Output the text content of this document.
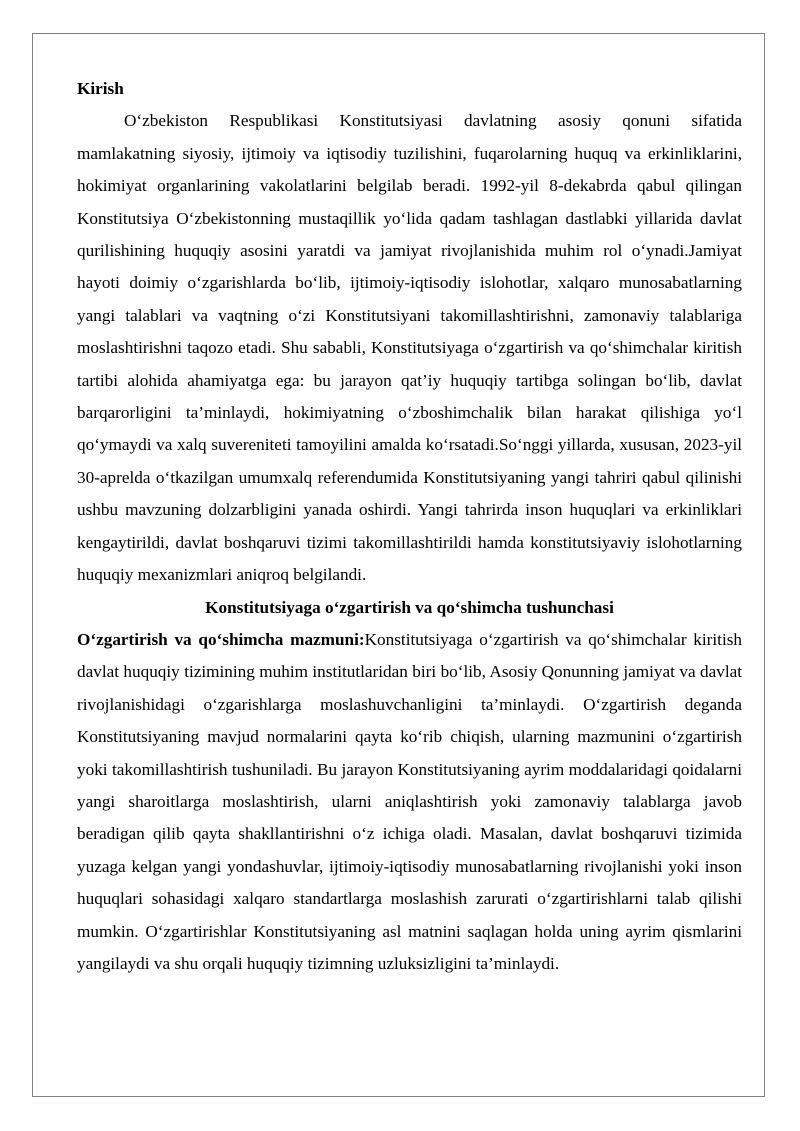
Kirish

O‘zbekiston Respublikasi Konstitutsiyasi davlatning asosiy qonuni sifatida mamlakatning siyosiy, ijtimoiy va iqtisodiy tuzilishini, fuqarolarning huquq va erkinliklarini, hokimiyat organlarining vakolatlarini belgilab beradi. 1992-yil 8-dekabrda qabul qilingan Konstitutsiya O‘zbekistonning mustaqillik yo‘lida qadam tashlagan dastlabki yillarida davlat qurilishining huquqiy asosini yaratdi va jamiyat rivojlanishida muhim rol o‘ynadi.Jamiyat hayoti doimiy o‘zgarishlarda bo‘lib, ijtimoiy-iqtisodiy islohotlar, xalqaro munosabatlarning yangi talablari va vaqtning o‘zi Konstitutsiyani takomillashtirishni, zamonaviy talablariga moslashtirishni taqozo etadi. Shu sababli, Konstitutsiyaga o‘zgartirish va qo‘shimchalar kiritish tartibi alohida ahamiyatga ega: bu jarayon qat’iy huquqiy tartibga solingan bo‘lib, davlat barqarorligini ta’minlaydi, hokimiyatning o‘zboshimchalik bilan harakat qilishiga yo‘l qo‘ymaydi va xalq suvereniteti tamoyilini amalda ko‘rsatadi.So‘nggi yillarda, xususan, 2023-yil 30-aprelda o‘tkazilgan umumxalq referendumida Konstitutsiyaning yangi tahriri qabul qilinishi ushbu mavzuning dolzarbligini yanada oshirdi. Yangi tahrirda inson huquqlari va erkinliklari kengaytirildi, davlat boshqaruvi tizimi takomillashtirildi hamda konstitutsiyaviy islohotlarning huquqiy mexanizmlari aniqroq belgilandi.

Konstitutsiyaga o‘zgartirish va qo‘shimcha tushunchasi

O‘zgartirish va qo‘shimcha mazmuni:Konstitutsiyaga o‘zgartirish va qo‘shimchalar kiritish davlat huquqiy tizimining muhim institutlaridan biri bo‘lib, Asosiy Qonunning jamiyat va davlat rivojlanishidagi o‘zgarishlarga moslashuvchanligini ta’minlaydi. O‘zgartirish deganda Konstitutsiyaning mavjud normalarini qayta ko‘rib chiqish, ularning mazmunini o‘zgartirish yoki takomillashtirish tushuniladi. Bu jarayon Konstitutsiyaning ayrim moddalaridagi qoidalarni yangi sharoitlarga moslashtirish, ularni aniqlashtirish yoki zamonaviy talablarga javob beradigan qilib qayta shakllantirishni o‘z ichiga oladi. Masalan, davlat boshqaruvi tizimida yuzaga kelgan yangi yondashuvlar, ijtimoiy-iqtisodiy munosabatlarning rivojlanishi yoki inson huquqlari sohasidagi xalqaro standartlarga moslashish zarurati o‘zgartirishlarni talab qilishi mumkin. O‘zgartirishlar Konstitutsiyaning asl matnini saqlagan holda uning ayrim qismlarini yangilaydi va shu orqali huquqiy tizimning uzluksizligini ta’minlaydi.
